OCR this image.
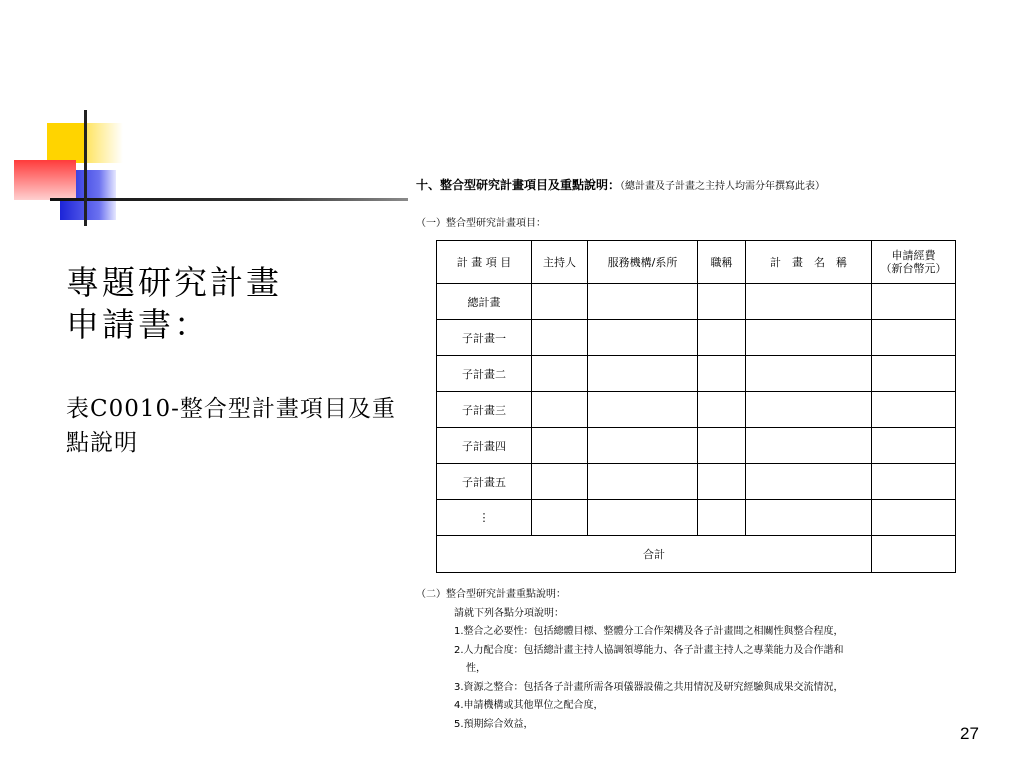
專題研究計畫
申請書：
表C0010-整合型計畫項目及重點說明
十、整合型研究計畫項目及重點說明：（總計畫及子計畫之主持人均需分年撰寫此表）
（一）整合型研究計畫項目：
計 畫 項 目	主持人	服務機構/系所	職稱	計　畫　名　稱	申請經費
（新台幣元）

總計畫					
子計畫一					
子計畫二					
子計畫三					
子計畫四					
子計畫五					
⋮					
合計					
（二）整合型研究計畫重點說明：
請就下列各點分項說明：
1.整合之必要性：包括總體目標、整體分工合作架構及各子計畫間之相關性與整合程度，
2.人力配合度：包括總計畫主持人協調領導能力、各子計畫主持人之專業能力及合作諧和
性，
3.資源之整合：包括各子計畫所需各項儀器設備之共用情況及研究經驗與成果交流情況，
4.申請機構或其他單位之配合度，
5.預期綜合效益，	27
